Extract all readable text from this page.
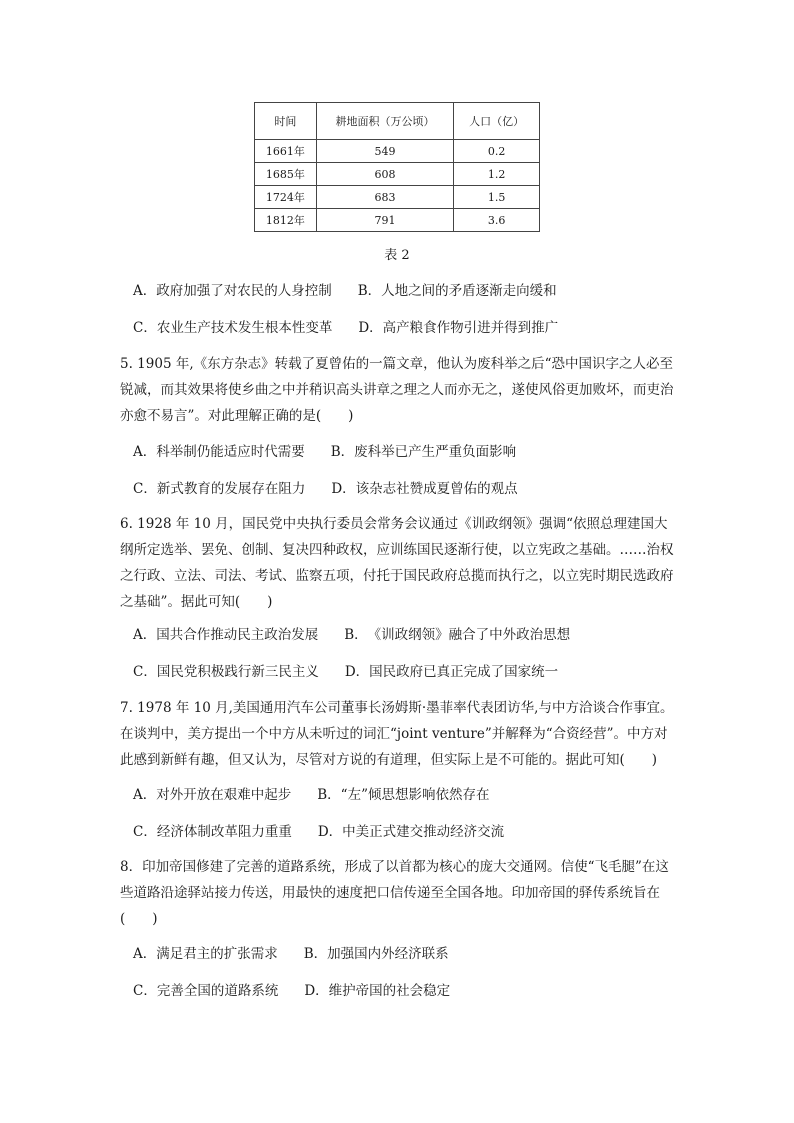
时间	耕地面积（万公顷）	人口（亿）
1661年	549	0.2
1685年	608	1.2
1724年	683	1.5
1812年	791	3.6
表 2
A．政府加强了对农民的人身控制 B．人地之间的矛盾逐渐走向缓和
C．农业生产技术发生根本性变革 D．高产粮食作物引进并得到推广
5. 1905 年,《东方杂志》转载了夏曾佑的一篇文章，他认为废科举之后“恐中国识字之人必至锐减，而其效果将使乡曲之中并稍识高头讲章之理之人而亦无之，遂使风俗更加败坏，而吏治亦愈不易言”。对此理解正确的是(　　)
A．科举制仍能适应时代需要 B．废科举已产生严重负面影响
C．新式教育的发展存在阻力 D．该杂志社赞成夏曾佑的观点
6. 1928 年 10 月，国民党中央执行委员会常务会议通过《训政纲领》强调“依照总理建国大纲所定选举、罢免、创制、复决四种政权，应训练国民逐渐行使，以立宪政之基础。……治权之行政、立法、司法、考试、监察五项，付托于国民政府总揽而执行之，以立宪时期民选政府之基础”。据此可知(　　)
A．国共合作推动民主政治发展 B．　《训政纲领》融合了中外政治思想
C．国民党积极践行新三民主义 D．国民政府已真正完成了国家统一
7. 1978 年 10 月,美国通用汽车公司董事长汤姆斯·墨菲率代表团访华,与中方洽谈合作事宜。在谈判中，美方提出一个中方从未听过的词汇“joint venture”并解释为“合资经营”。中方对此感到新鲜有趣，但又认为，尽管对方说的有道理，但实际上是不可能的。据此可知(　　)
A．对外开放在艰难中起步 B．“左”倾思想影响依然存在
C．经济体制改革阻力重重 D．中美正式建交推动经济交流
8．印加帝国修建了完善的道路系统，形成了以首都为核心的庞大交通网。信使“飞毛腿”在这些道路沿途驿站接力传送，用最快的速度把口信传递至全国各地。印加帝国的驿传系统旨在(　　)
A．满足君主的扩张需求 B．加强国内外经济联系
C．完善全国的道路系统 D．维护帝国的社会稳定
